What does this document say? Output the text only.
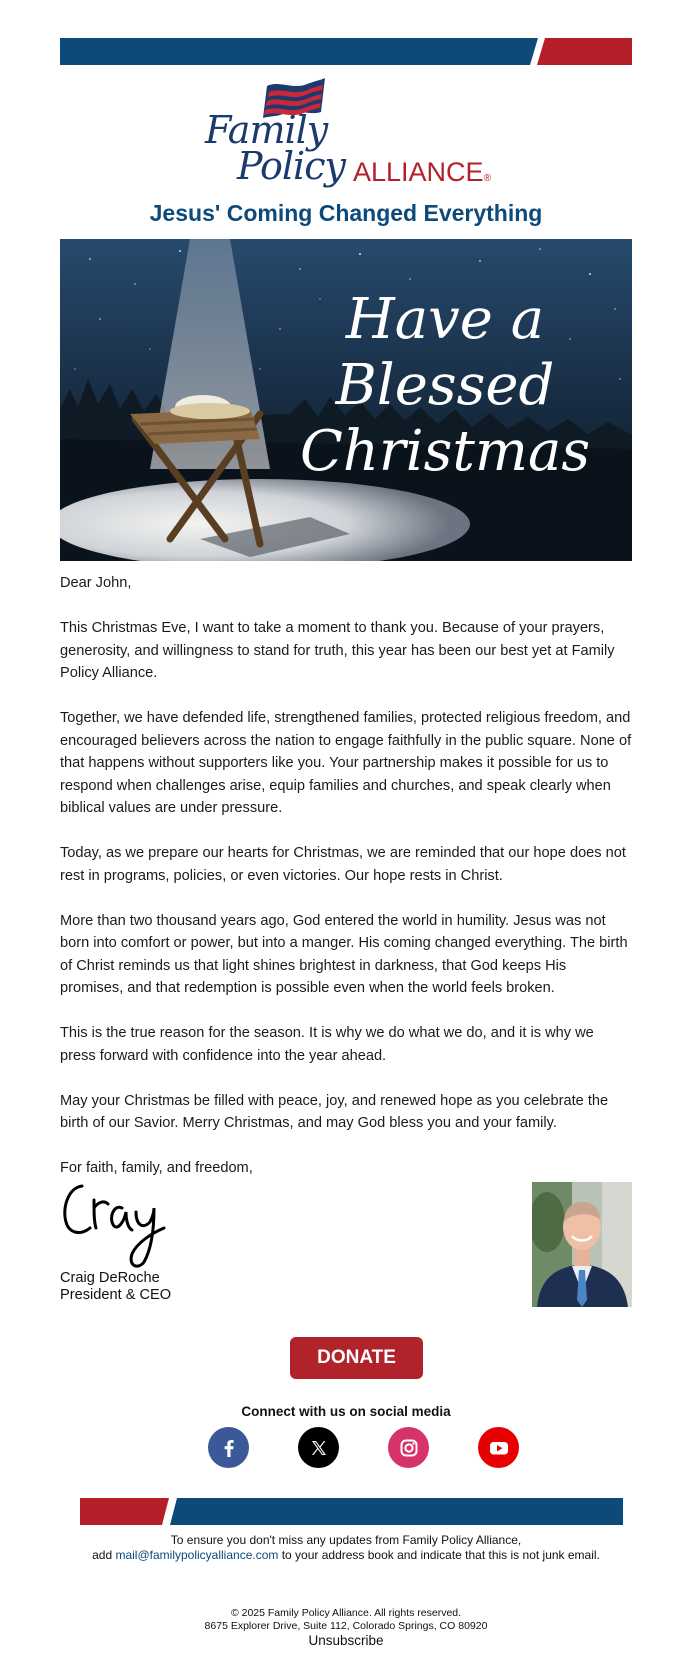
Family
Policy ALLIANCE®
Jesus' Coming Changed Everything
Have a
Blessed
Christmas

Dear John,

This Christmas Eve, I want to take a moment to thank you. Because of your prayers, generosity, and willingness to stand for truth, this year has been our best yet at Family Policy Alliance.

Together, we have defended life, strengthened families, protected religious freedom, and encouraged believers across the nation to engage faithfully in the public square. None of that happens without supporters like you. Your partnership makes it possible for us to respond when challenges arise, equip families and churches, and speak clearly when biblical values are under pressure.

Today, as we prepare our hearts for Christmas, we are reminded that our hope does not rest in programs, policies, or even victories. Our hope rests in Christ.

More than two thousand years ago, God entered the world in humility. Jesus was not born into comfort or power, but into a manger. His coming changed everything. The birth of Christ reminds us that light shines brightest in darkness, that God keeps His promises, and that redemption is possible even when the world feels broken.

This is the true reason for the season. It is why we do what we do, and it is why we press forward with confidence into the year ahead.

May your Christmas be filled with peace, joy, and renewed hope as you celebrate the birth of our Savior. Merry Christmas, and may God bless you and your family.

For faith, family, and freedom,

Craig DeRoche
President & CEO
DONATE
Connect with us on social media
To ensure you don't miss any updates from Family Policy Alliance,
add mail@familypolicyalliance.com to your address book and indicate that this is not junk email.
© 2025 Family Policy Alliance. All rights reserved.
8675 Explorer Drive, Suite 112, Colorado Springs, CO 80920
Unsubscribe
